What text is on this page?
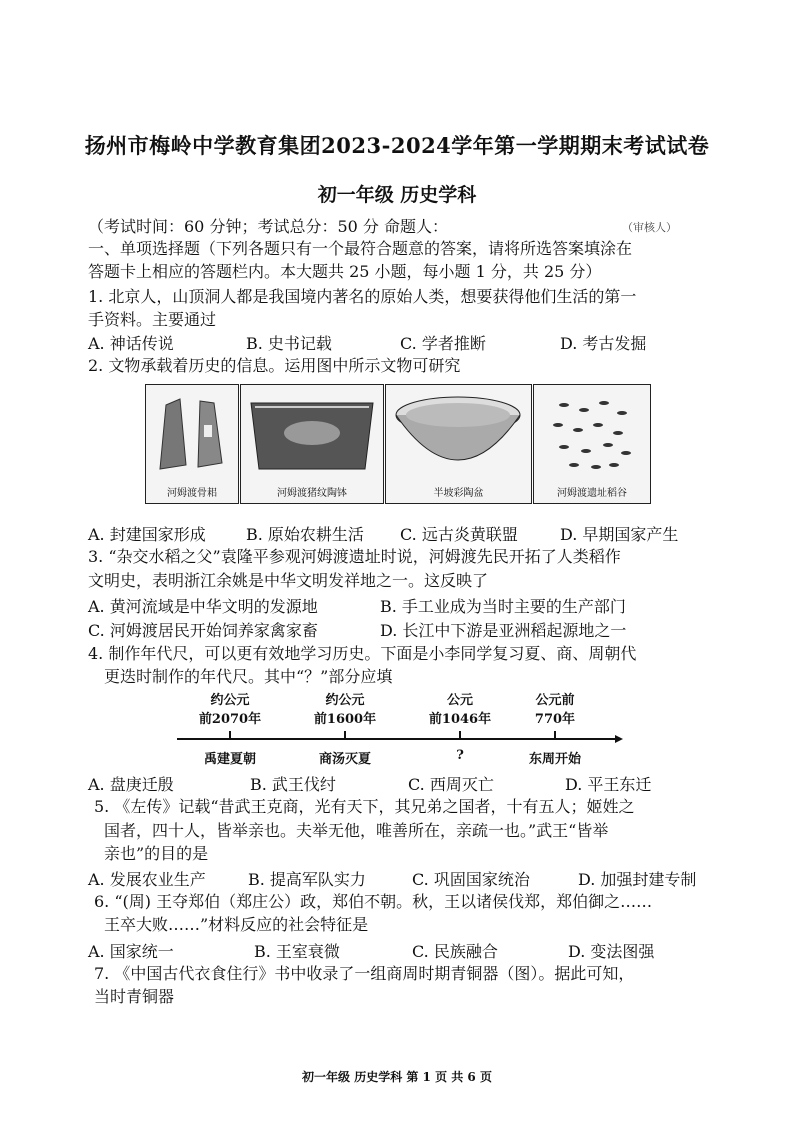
扬州市梅岭中学教育集团2023-2024学年第一学期期末考试试卷
初一年级 历史学科
（考试时间：60 分钟；考试总分：50 分 命题人：	（审核人）
一、单项选择题（下列各题只有一个最符合题意的答案，请将所选答案填涂在
答题卡上相应的答题栏内。本大题共 25 小题，每小题 1 分，共 25 分）
1. 北京人，山顶洞人都是我国境内著名的原始人类，想要获得他们生活的第一
手资料。主要通过
A. 神话传说	B. 史书记载	C. 学者推断	D. 考古发掘
2. 文物承载着历史的信息。运用图中所示文物可研究
河姆渡骨耜	河姆渡猪纹陶钵	半坡彩陶盆	河姆渡遗址稻谷
A. 封建国家形成	B. 原始农耕生活 C. 远古炎黄联盟	D. 早期国家产生
3. “杂交水稻之父”袁隆平参观河姆渡遗址时说，河姆渡先民开拓了人类稻作
文明史，表明浙江余姚是中华文明发祥地之一。这反映了
A. 黄河流域是中华文明的发源地	B. 手工业成为当时主要的生产部门
C. 河姆渡居民开始饲养家禽家畜	D. 长江中下游是亚洲稻起源地之一
4. 制作年代尺，可以更有效地学习历史。下面是小李同学复习夏、商、周朝代
更迭时制作的年代尺。其中“？”部分应填
约公元	约公元	公元	公元前
前2070年	前1600年	前1046年	770年
禹建夏朝	商汤灭夏	?	东周开始
A. 盘庚迁殷	B. 武王伐纣	C. 西周灭亡	D. 平王东迁
5. 《左传》记载“昔武王克商，光有天下，其兄弟之国者，十有五人；姬姓之
国者，四十人，皆举亲也。夫举无他，唯善所在，亲疏一也。”武王“皆举
亲也”的目的是
A. 发展农业生产	B. 提高军队实力	C. 巩固国家统治	D. 加强封建专制
6. “(周) 王夺郑伯（郑庄公）政，郑伯不朝。秋，王以诸侯伐郑，郑伯御之……
王卒大败……”材料反应的社会特征是
A. 国家统一	B. 王室衰微	C. 民族融合	D. 变法图强
7. 《中国古代衣食住行》书中收录了一组商周时期青铜器（图）。据此可知，
当时青铜器
初一年级 历史学科 第 1 页 共 6 页
